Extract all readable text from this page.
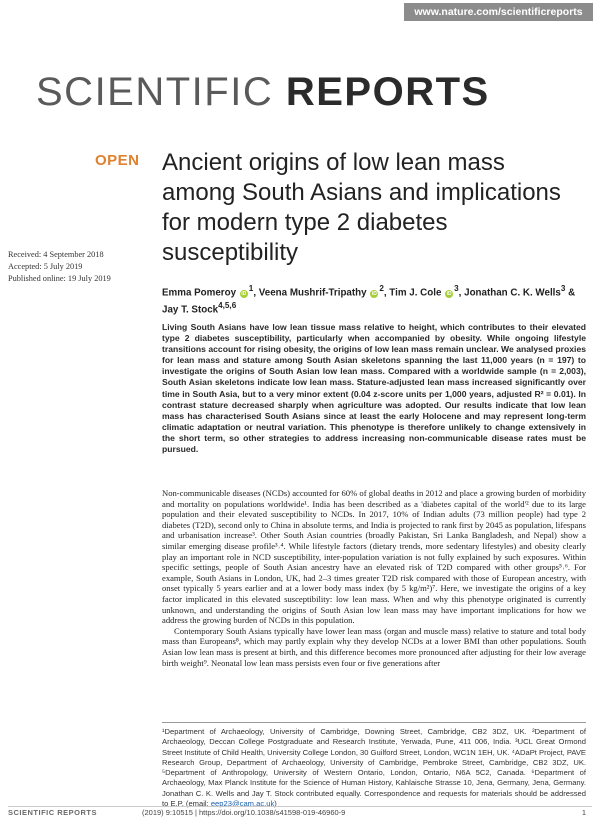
www.nature.com/scientificreports
SCIENTIFIC REPORTS
OPEN Ancient origins of low lean mass among South Asians and implications for modern type 2 diabetes susceptibility
Received: 4 September 2018
Accepted: 5 July 2019
Published online: 19 July 2019
Emma Pomeroy $iD^1$, Veena Mushrif-Tripathy $iD^2$, Tim J. Cole $iD^3$, Jonathan C. K. Wells$^3$ & Jay T. Stock$^{4,5,6}$
Living South Asians have low lean tissue mass relative to height, which contributes to their elevated type 2 diabetes susceptibility, particularly when accompanied by obesity. While ongoing lifestyle transitions account for rising obesity, the origins of low lean mass remain unclear. We analysed proxies for lean mass and stature among South Asian skeletons spanning the last 11,000 years (n = 197) to investigate the origins of South Asian low lean mass. Compared with a worldwide sample (n = 2,003), South Asian skeletons indicate low lean mass. Stature-adjusted lean mass increased significantly over time in South Asia, but to a very minor extent (0.04 z-score units per 1,000 years, adjusted R² = 0.01). In contrast stature decreased sharply when agriculture was adopted. Our results indicate that low lean mass has characterised South Asians since at least the early Holocene and may represent long-term climatic adaptation or neutral variation. This phenotype is therefore unlikely to change extensively in the short term, so other strategies to address increasing non-communicable disease rates must be pursued.

Non-communicable diseases (NCDs) accounted for 60% of global deaths in 2012 and place a growing burden of morbidity and mortality on populations worldwide¹. India has been described as a 'diabetes capital of the world'² due to its large population and their elevated susceptibility to NCDs. In 2017, 10% of Indian adults (73 million people) had type 2 diabetes (T2D), second only to China in absolute terms, and India is projected to rank first by 2045 as population, lifespans and urbanisation increase³. Other South Asian countries (broadly Pakistan, Sri Lanka Bangladesh, and Nepal) show a similar emerging disease profile³˒⁴. While lifestyle factors (dietary trends, more sedentary lifestyles) and obesity clearly play an important role in NCD susceptibility, inter-population variation is not fully explained by such exposures. Within specific settings, people of South Asian ancestry have an elevated risk of T2D compared with other groups⁵˒⁶. For example, South Asians in London, UK, had 2–3 times greater T2D risk compared with those of European ancestry, with onset typically 5 years earlier and at a lower body mass index (by 5 kg/m²)⁷. Here, we investigate the origins of a key factor implicated in this elevated susceptibility: low lean mass. When and why this phenotype originated is currently unknown, and understanding the origins of South Asian low lean mass may have important implications for how we address the growing burden of NCDs in this population.

Contemporary South Asians typically have lower lean mass (organ and muscle mass) relative to stature and total body mass than Europeans⁸, which may partly explain why they develop NCDs at a lower BMI than other populations. South Asian low lean mass is present at birth, and this difference becomes more pronounced after adjusting for their low average birth weight⁹. Neonatal low lean mass persists even four or five generations after

¹Department of Archaeology, University of Cambridge, Downing Street, Cambridge, CB2 3DZ, UK. ²Department of Archaeology, Deccan College Postgraduate and Research Institute, Yerwada, Pune, 411 006, India. ³UCL Great Ormond Street Institute of Child Health, University College London, 30 Guilford Street, London, WC1N 1EH, UK. ⁴ADaPt Project, PAVE Research Group, Department of Archaeology, University of Cambridge, Pembroke Street, Cambridge, CB2 3DZ, UK. ⁵Department of Anthropology, University of Western Ontario, London, Ontario, N6A 5C2, Canada. ⁶Department of Archaeology, Max Planck Institute for the Science of Human History, Kahlaische Strasse 10, Jena, Germany, Jena, Germany. Jonathan C. K. Wells and Jay T. Stock contributed equally. Correspondence and requests for materials should be addressed to E.P. (email: eep23@cam.ac.uk)
SCIENTIFIC REPORTS	(2019) 9:10515 | https://doi.org/10.1038/s41598-019-46960-9	1
